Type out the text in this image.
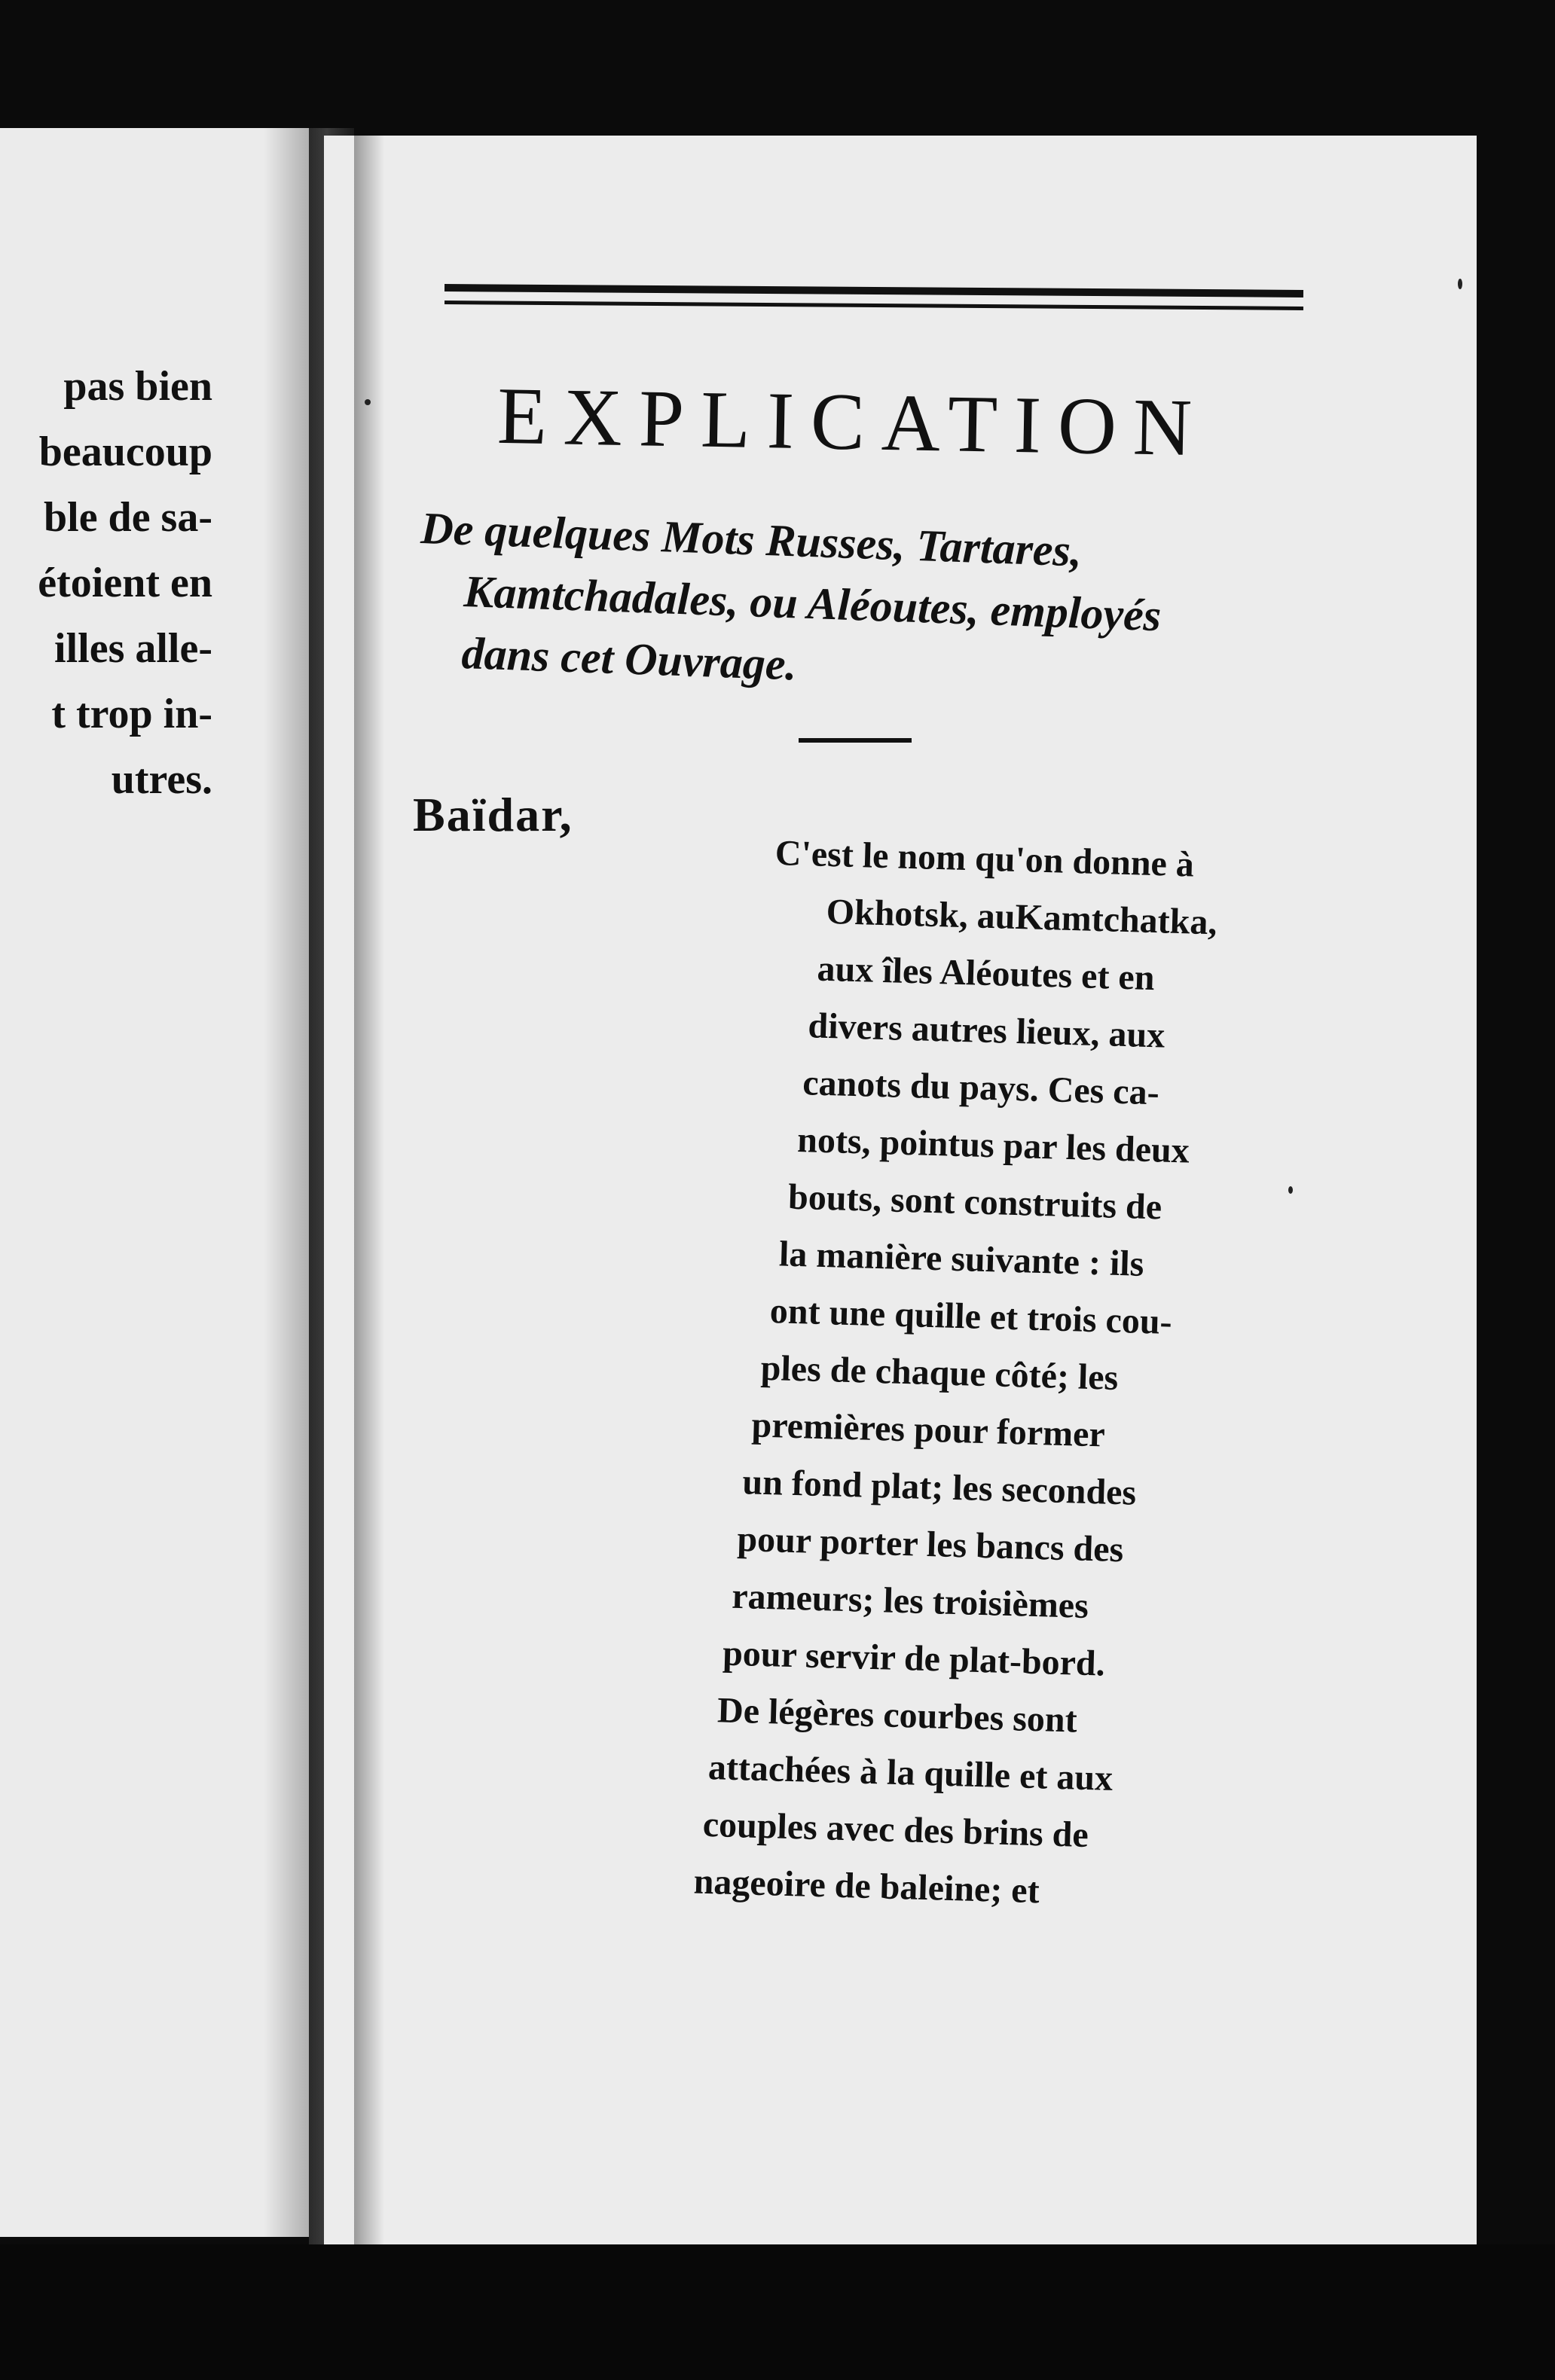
pas bien
beaucoup
ble de sa-
étoient en
illes alle-
t trop in-
utres.
EXPLICATION
De quelques Mots Russes, Tartares,
Kamtchadales, ou Aléoutes, employés
dans cet Ouvrage.
Baïdar,
C'est le nom qu'on donne à
Okhotsk, auKamtchatka,
aux îles Aléoutes et en
divers autres lieux, aux
canots du pays. Ces ca-
nots, pointus par les deux
bouts, sont construits de
la manière suivante : ils
ont une quille et trois cou-
ples de chaque côté; les
premières pour former
un fond plat; les secondes
pour porter les bancs des
rameurs; les troisièmes
pour servir de plat-bord.
De légères courbes sont
attachées à la quille et aux
couples avec des brins de
nageoire de baleine; et
